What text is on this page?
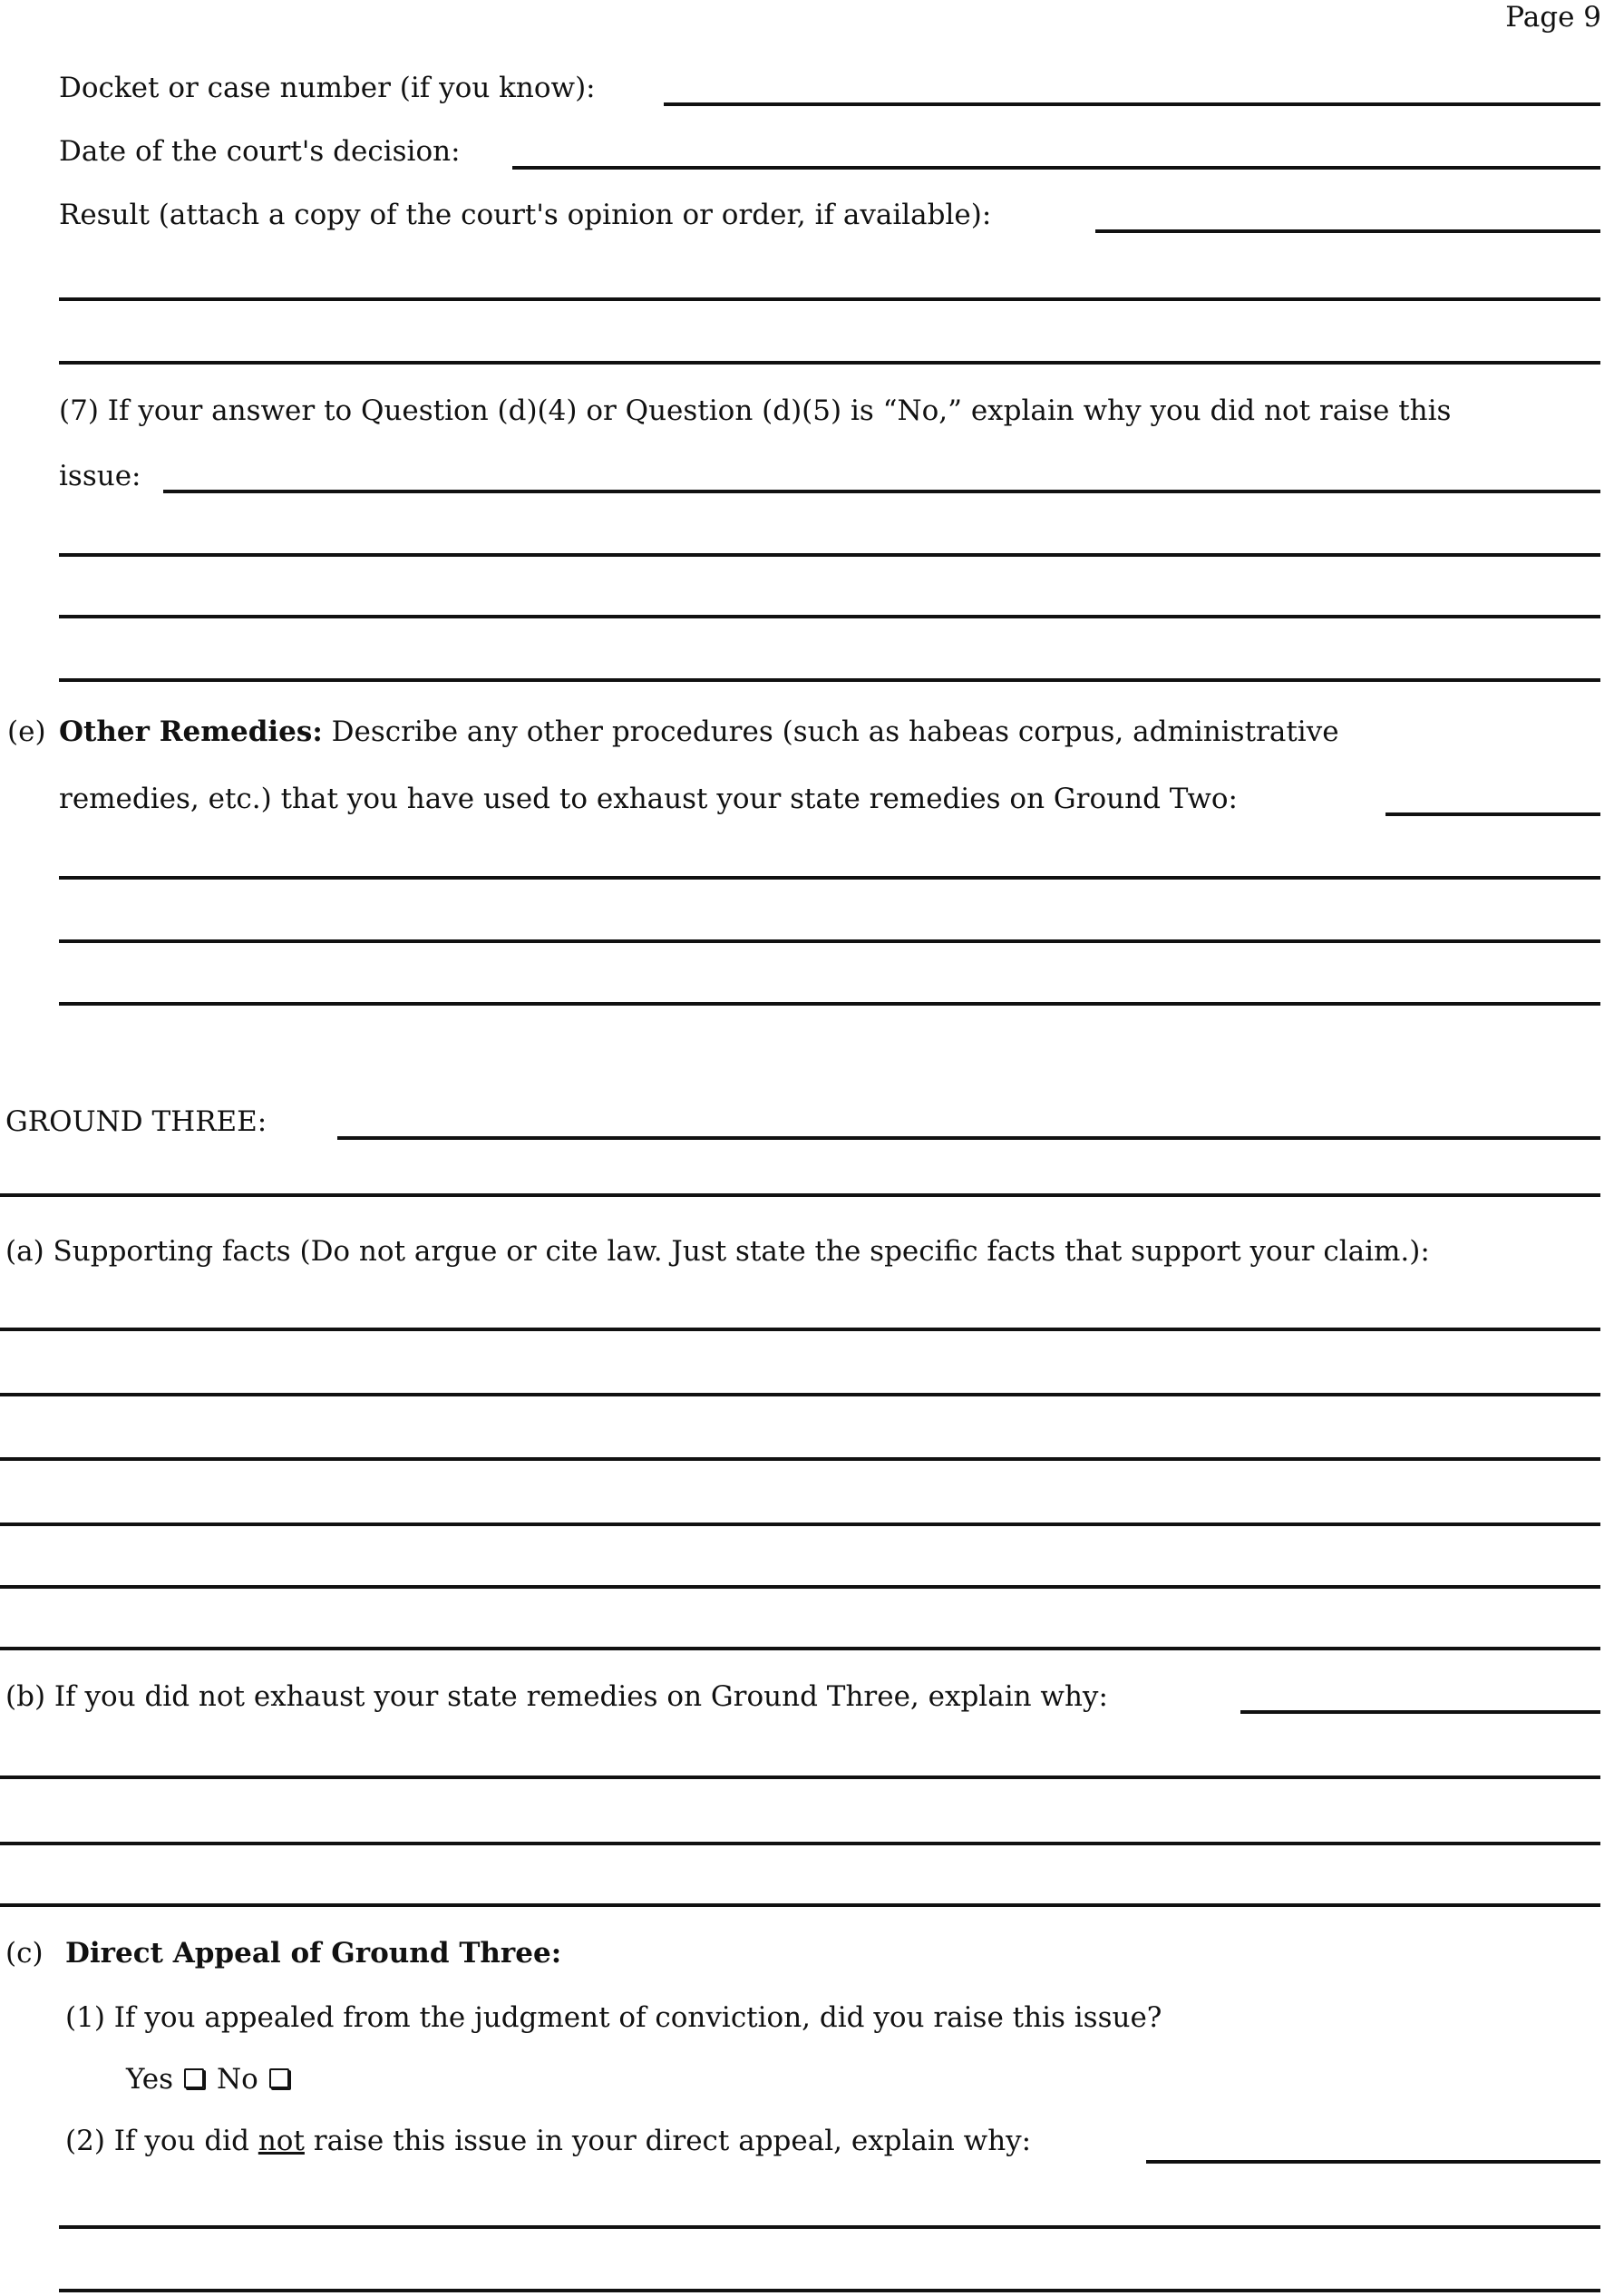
Page 9
Docket or case number (if you know):
Date of the court's decision:
Result (attach a copy of the court's opinion or order, if available):
(7) If your answer to Question (d)(4) or Question (d)(5) is “No,” explain why you did not raise this
issue:
(e) Other Remedies: Describe any other procedures (such as habeas corpus, administrative
remedies, etc.) that you have used to exhaust your state remedies on Ground Two:
GROUND THREE:
(a) Supporting facts (Do not argue or cite law. Just state the specific facts that support your claim.):
(b) If you did not exhaust your state remedies on Ground Three, explain why:
(c) Direct Appeal of Ground Three:
(1) If you appealed from the judgment of conviction, did you raise this issue?
Yes No
(2) If you did not raise this issue in your direct appeal, explain why:
